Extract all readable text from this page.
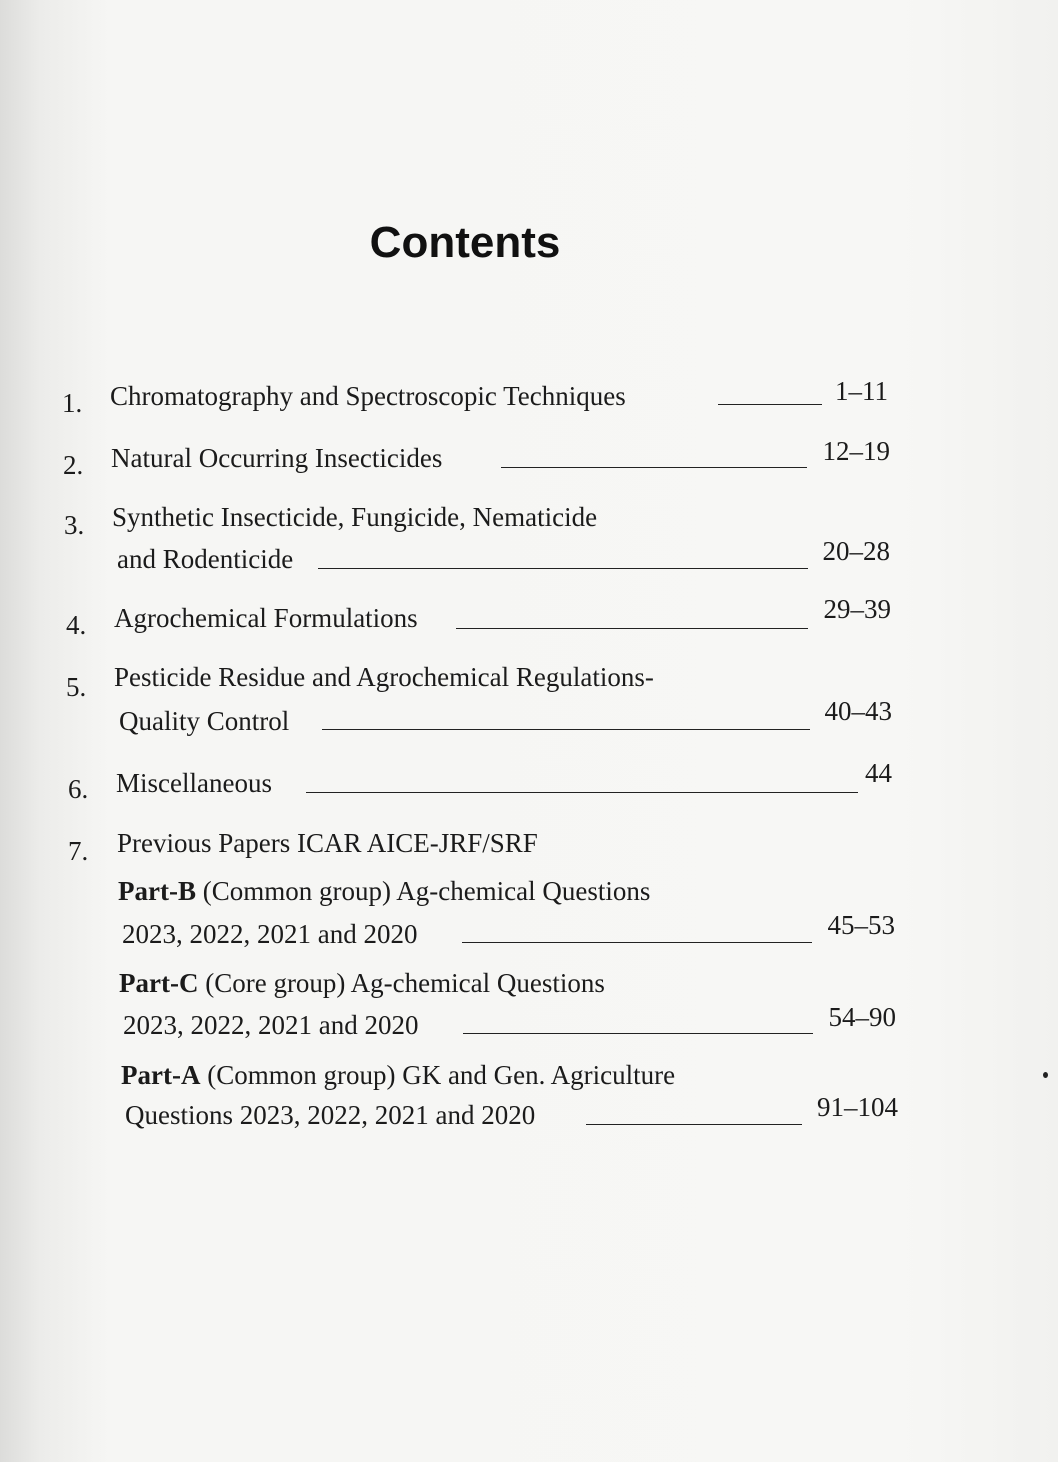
Contents
1. Chromatography and Spectroscopic Techniques	1–11
2. Natural Occurring Insecticides	12–19
3. Synthetic Insecticide, Fungicide, Nematicide
and Rodenticide	20–28
4. Agrochemical Formulations	29–39
5. Pesticide Residue and Agrochemical Regulations-
Quality Control	40–43
6. Miscellaneous	44
7. Previous Papers ICAR AICE-JRF/SRF
Part-B (Common group) Ag-chemical Questions
2023, 2022, 2021 and 2020	45–53
Part-C (Core group) Ag-chemical Questions
2023, 2022, 2021 and 2020	54–90
Part-A (Common group) GK and Gen. Agriculture
Questions 2023, 2022, 2021 and 2020	91–104
